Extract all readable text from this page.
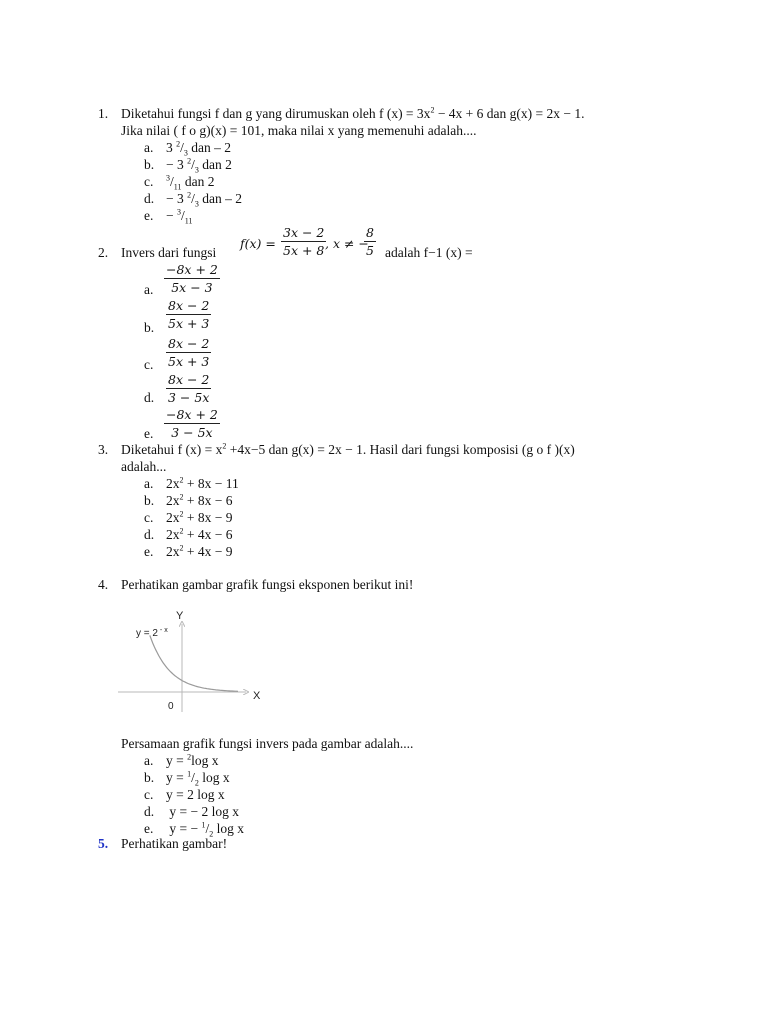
1. Diketahui fungsi f dan g yang dirumuskan oleh f $(x) = 3x^2 - 4x + 6$ dan g(x) = 2x − 1.
Jika nilai ( f o g)(x) = 101, maka nilai x yang memenuhi adalah....
a. 3 $^2/_3$ dan – 2
b. − 3 $^2/_3$ dan 2
c. $^3/_{11}$ dan 2
d. − 3 $^2/_3$ dan – 2
e. − $^3/_{11}$
2. Invers dari fungsi
$f(x) = \frac{3x - 2}{5x + 8}$
, x ≠ −
$\frac{8}{5}$ adalah f−1 (x) =
a. $\frac{-8x + 2}{5x - 3}$
b. $\frac{8x - 2}{5x + 3}$
c. $\frac{8x - 2}{5x + 3}$
d. $\frac{8x - 2}{3 - 5x}$
e. $\frac{-8x + 2}{3 - 5x}$
3. Diketahui f $(x) = x^2 +4x-5$ dan g(x) = 2x − 1. Hasil dari fungsi komposisi (g o f )(x)
adalah...
a. $2x^2 + 8x - 11$
b. $2x^2 + 8x - 6$
c. $2x^2 + 8x - 9$
d. $2x^2 + 4x - 6$
e. $2x^2 + 4x - 9$
4. Perhatikan gambar grafik fungsi eksponen berikut ini!
Y
X
0
y = 2 $^{- x}$
Persamaan grafik fungsi invers pada gambar adalah....
a. y = $^2$log x
b. $y = ^1/_2$ log x
c. y = 2 log x
d. y = − 2 log x
e. y = − $^1/_2$ log x
5. Perhatikan gambar!
